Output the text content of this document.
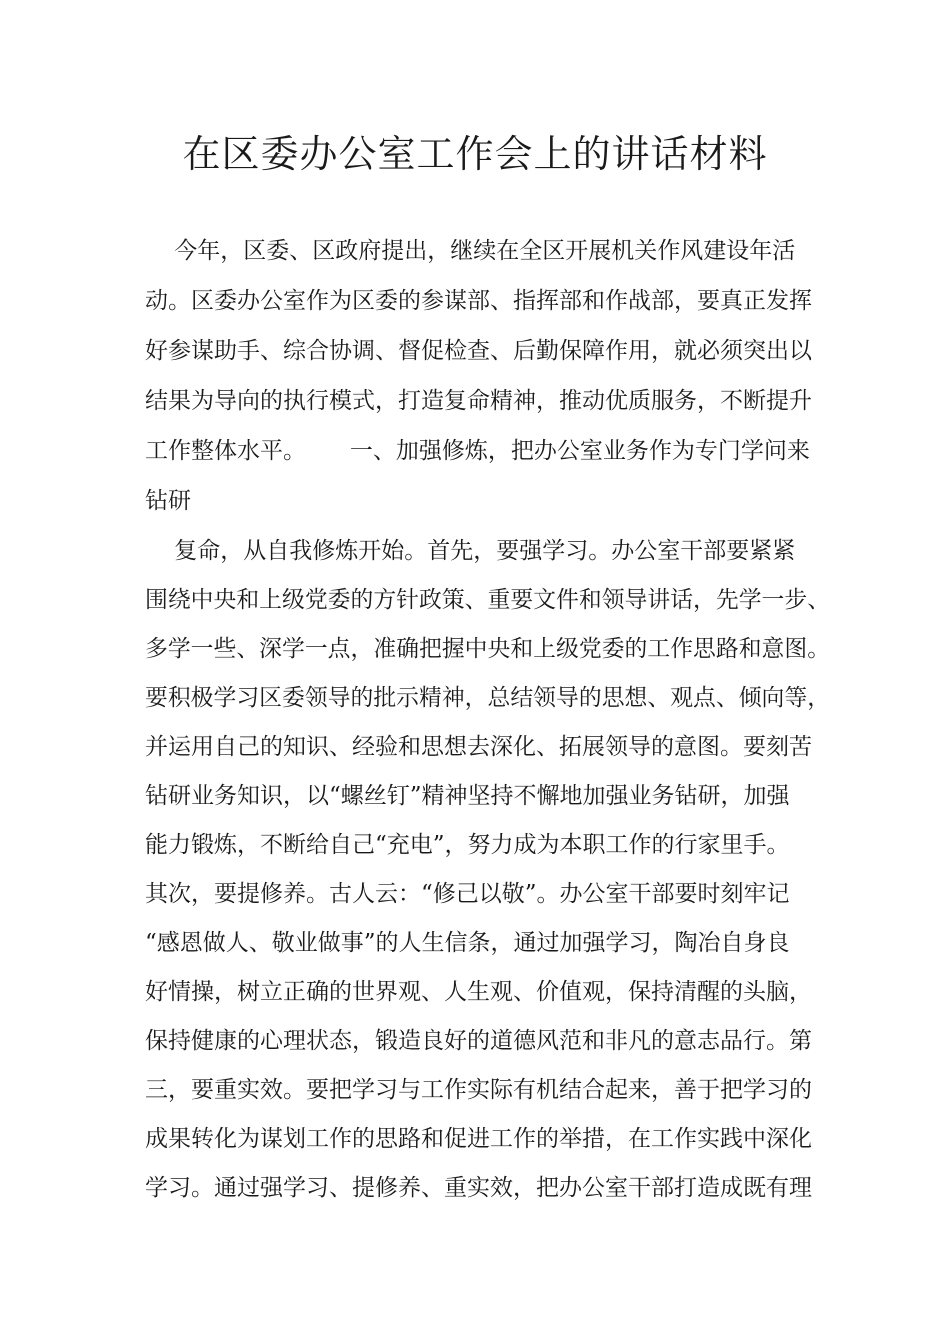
在区委办公室工作会上的讲话材料

今年，区委、区政府提出，继续在全区开展机关作风建设年活

动。区委办公室作为区委的参谋部、指挥部和作战部，要真正发挥

好参谋助手、综合协调、督促检查、后勤保障作用，就必须突出以

结果为导向的执行模式，打造复命精神，推动优质服务，不断提升

工作整体水平。      一、加强修炼，把办公室业务作为专门学问来

钻研

复命，从自我修炼开始。首先，要强学习。办公室干部要紧紧

围绕中央和上级党委的方针政策、重要文件和领导讲话，先学一步、

多学一些、深学一点，准确把握中央和上级党委的工作思路和意图。

要积极学习区委领导的批示精神，总结领导的思想、观点、倾向等，

并运用自己的知识、经验和思想去深化、拓展领导的意图。要刻苦

钻研业务知识，以“螺丝钉”精神坚持不懈地加强业务钻研，加强

能力锻炼，不断给自己“充电”，努力成为本职工作的行家里手。

其次，要提修养。古人云：“修己以敬”。办公室干部要时刻牢记

“感恩做人、敬业做事”的人生信条，通过加强学习，陶冶自身良

好情操，树立正确的世界观、人生观、价值观，保持清醒的头脑，

保持健康的心理状态，锻造良好的道德风范和非凡的意志品行。第

三，要重实效。要把学习与工作实际有机结合起来，善于把学习的

成果转化为谋划工作的思路和促进工作的举措，在工作实践中深化

学习。通过强学习、提修养、重实效，把办公室干部打造成既有理
